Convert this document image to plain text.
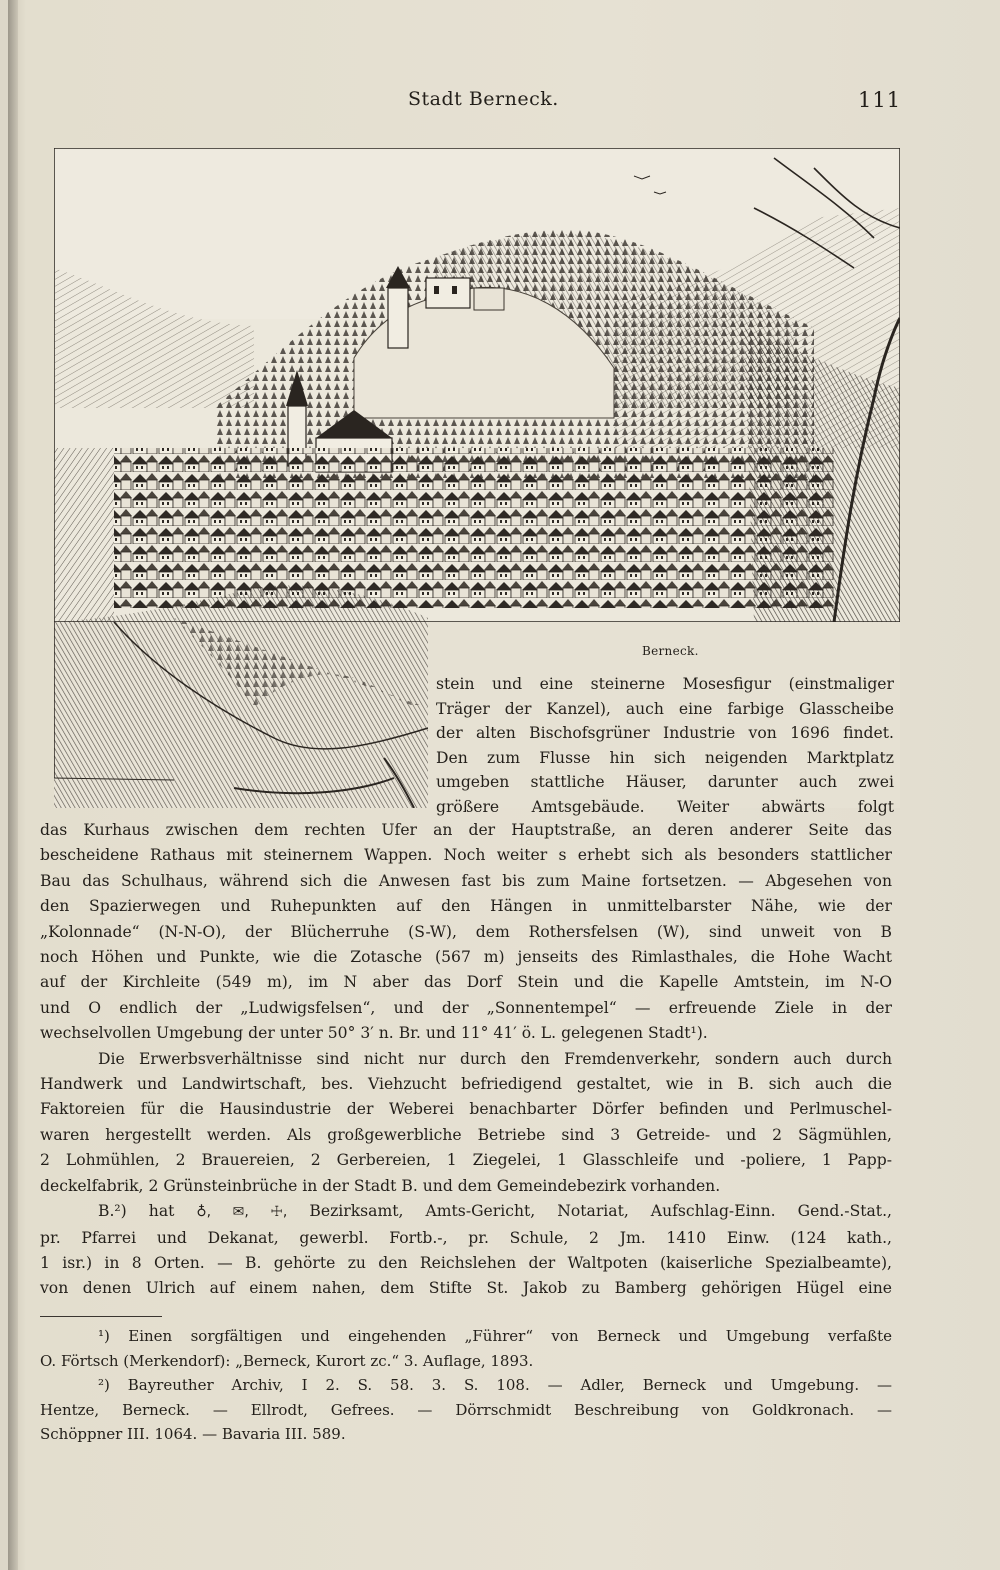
Stadt Berneck.	111
Berneck.
stein und eine steinerne Mosesfigur (einstmaliger
Träger der Kanzel), auch eine farbige Glasscheibe
der alten Bischofsgrüner Industrie von 1696 findet.
Den zum Flusse hin sich neigenden Marktplatz
umgeben stattliche Häuser, darunter auch zwei
größere Amtsgebäude. Weiter abwärts folgt
das Kurhaus zwischen dem rechten Ufer an der Hauptstraße, an deren anderer Seite das
bescheidene Rathaus mit steinernem Wappen. Noch weiter s erhebt sich als besonders stattlicher
Bau das Schulhaus, während sich die Anwesen fast bis zum Maine fortsetzen. — Abgesehen von
den Spazierwegen und Ruhepunkten auf den Hängen in unmittelbarster Nähe, wie der
„Kolonnade“ (N-N-O), der Blücherruhe (S-W), dem Rothersfelsen (W), sind unweit von B
noch Höhen und Punkte, wie die Zotasche (567 m) jenseits des Rimlasthales, die Hohe Wacht
auf der Kirchleite (549 m), im N aber das Dorf Stein und die Kapelle Amtstein, im N-O
und O endlich der „Ludwigsfelsen“, und der „Sonnentempel“ — erfreuende Ziele in der
wechselvollen Umgebung der unter 50° 3′ n. Br. und 11° 41′ ö. L. gelegenen Stadt¹).
Die Erwerbsverhältnisse sind nicht nur durch den Fremdenverkehr, sondern auch durch
Handwerk und Landwirtschaft, bes. Viehzucht befriedigend gestaltet, wie in B. sich auch die
Faktoreien für die Hausindustrie der Weberei benachbarter Dörfer befinden und Perlmuschel-
waren hergestellt werden. Als großgewerbliche Betriebe sind 3 Getreide- und 2 Sägmühlen,
2 Lohmühlen, 2 Brauereien, 2 Gerbereien, 1 Ziegelei, 1 Glasschleife und -poliere, 1 Papp-
deckelfabrik, 2 Grünsteinbrüche in der Stadt B. und dem Gemeindebezirk vorhanden.
B.²) hat ♁, ✉, ☩, Bezirksamt, Amts-Gericht, Notariat, Aufschlag-Einn. Gend.-Stat.,
pr. Pfarrei und Dekanat, gewerbl. Fortb.-, pr. Schule, 2 Jm. 1410 Einw. (124 kath.,
1 isr.) in 8 Orten. — B. gehörte zu den Reichslehen der Waltpoten (kaiserliche Spezialbeamte),
von denen Ulrich auf einem nahen, dem Stifte St. Jakob zu Bamberg gehörigen Hügel eine
¹) Einen sorgfältigen und eingehenden „Führer“ von Berneck und Umgebung verfaßte
O. Förtsch (Merkendorf): „Berneck, Kurort zc.“ 3. Auflage, 1893.
²) Bayreuther Archiv, I 2. S. 58. 3. S. 108. — Adler, Berneck und Umgebung. —
Hentze, Berneck. — Ellrodt, Gefrees. — Dörrschmidt Beschreibung von Goldkronach. —
Schöppner III. 1064. — Bavaria III. 589.
